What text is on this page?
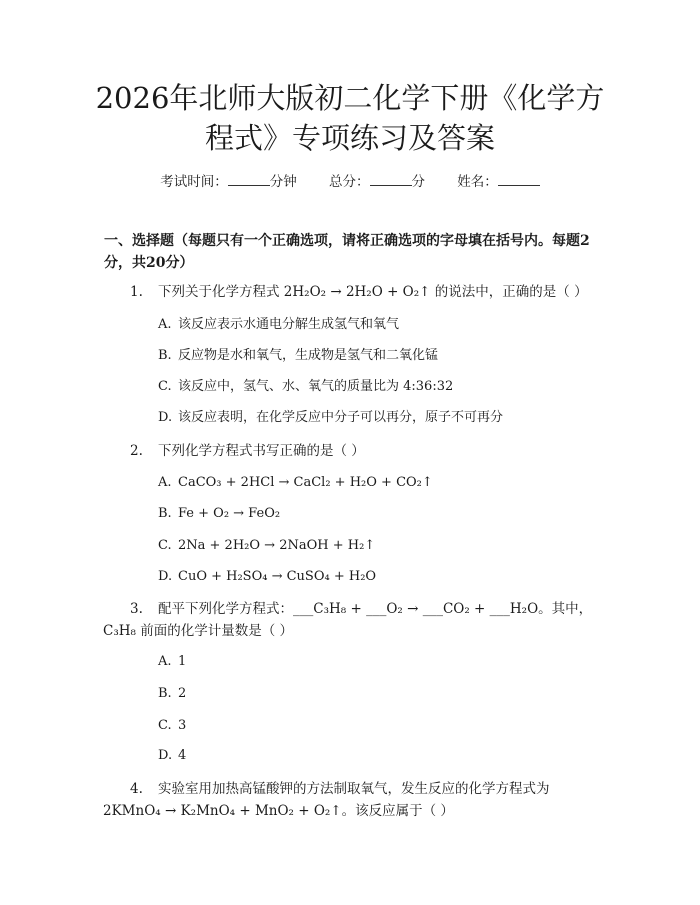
2026年北师大版初二化学下册《化学方程式》专项练习及答案
考试时间：	分钟 总分：	分 姓名：
一、选择题（每题只有一个正确选项，请将正确选项的字母填在括号内。每题2分，共20分）
1. 下列关于化学方程式 2H₂O₂ → 2H₂O + O₂↑ 的说法中，正确的是（ ）
A. 该反应表示水通电分解生成氢气和氧气
B. 反应物是水和氧气，生成物是氢气和二氧化锰
C. 该反应中，氢气、水、氧气的质量比为 4:36:32
D. 该反应表明，在化学反应中分子可以再分，原子不可再分
2. 下列化学方程式书写正确的是（ ）
A. CaCO₃ + 2HCl → CaCl₂ + H₂O + CO₂↑
B. Fe + O₂ → FeO₂
C. 2Na + 2H₂O → 2NaOH + H₂↑
D. CuO + H₂SO₄ → CuSO₄ + H₂O
3. 配平下列化学方程式：___C₃H₈ + ___O₂ → ___CO₂ + ___H₂O。其中，
C₃H₈ 前面的化学计量数是（ ）
A. 1
B. 2
C. 3
D. 4
4. 实验室用加热高锰酸钾的方法制取氧气，发生反应的化学方程式为
2KMnO₄ → K₂MnO₄ + MnO₂ + O₂↑。该反应属于（ ）
